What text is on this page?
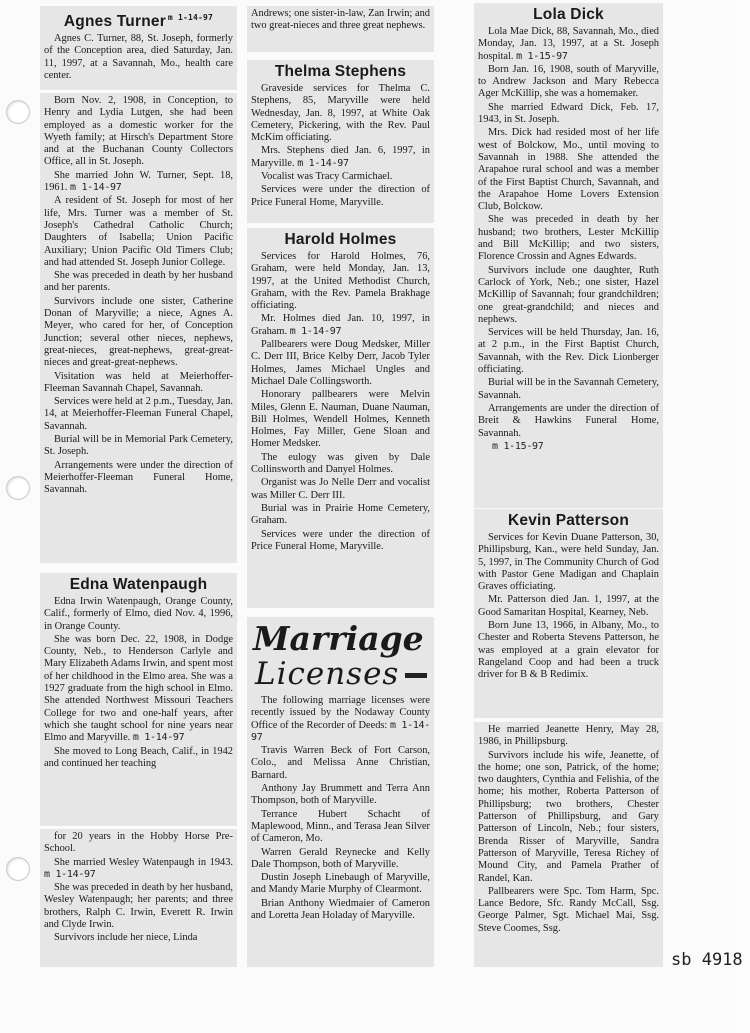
Agnes Turner $^{m 1-14-97}$

Agnes C. Turner, 88, St. Joseph, formerly of the Conception area, died Saturday, Jan. 11, 1997, at a Savannah, Mo., health care center.

Born Nov. 2, 1908, in Conception, to Henry and Lydia Lutgen, she had been employed as a domestic worker for the Wyeth family; at Hirsch's Department Store and at the Buchanan County Collectors Office, all in St. Joseph.

She married John W. Turner, Sept. 18, 1961. m 1-14-97

A resident of St. Joseph for most of her life, Mrs. Turner was a member of St. Joseph's Cathedral Catholic Church; Daughters of Isabella; Union Pacific Auxiliary; Union Pacific Old Timers Club; and had attended St. Joseph Junior College.

She was preceded in death by her husband and her parents.

Survivors include one sister, Catherine Donan of Maryville; a niece, Agnes A. Meyer, who cared for her, of Conception Junction; several other nieces, nephews, great-nieces, great-nephews, great-great-nieces and great-great-nephews.

Visitation was held at Meierhoffer-Fleeman Savannah Chapel, Savannah.

Services were held at 2 p.m., Tuesday, Jan. 14, at Meierhoffer-Fleeman Funeral Chapel, Savannah.

Burial will be in Memorial Park Cemetery, St. Joseph.

Arrangements were under the direction of Meierhoffer-Fleeman Funeral Home, Savannah.

Edna Watenpaugh

Edna Irwin Watenpaugh, Orange County, Calif., formerly of Elmo, died Nov. 4, 1996, in Orange County.

She was born Dec. 22, 1908, in Dodge County, Neb., to Henderson Carlyle and Mary Elizabeth Adams Irwin, and spent most of her childhood in the Elmo area. She was a 1927 graduate from the high school in Elmo. She attended Northwest Missouri Teachers College for two and one-half years, after which she taught school for nine years near Elmo and Maryville. m 1-14-97

She moved to Long Beach, Calif., in 1942 and continued her teaching

for 20 years in the Hobby Horse Pre-School.

She married Wesley Watenpaugh in 1943. m 1-14-97

She was preceded in death by her husband, Wesley Watenpaugh; her parents; and three brothers, Ralph C. Irwin, Everett R. Irwin and Clyde Irwin.

Survivors include her niece, Linda

Andrews; one sister-in-law, Zan Irwin; and two great-nieces and three great nephews.

Thelma Stephens

Graveside services for Thelma C. Stephens, 85, Maryville were held Wednesday, Jan. 8, 1997, at White Oak Cemetery, Pickering, with the Rev. Paul McKim officiating.

Mrs. Stephens died Jan. 6, 1997, in Maryville. m 1-14-97

Vocalist was Tracy Carmichael.

Services were under the direction of Price Funeral Home, Maryville.

Harold Holmes

Services for Harold Holmes, 76, Graham, were held Monday, Jan. 13, 1997, at the United Methodist Church, Graham, with the Rev. Pamela Brakhage officiating.

Mr. Holmes died Jan. 10, 1997, in Graham. m 1-14-97

Pallbearers were Doug Medsker, Miller C. Derr III, Brice Kelby Derr, Jacob Tyler Holmes, James Michael Ungles and Michael Dale Collingsworth.

Honorary pallbearers were Melvin Miles, Glenn E. Nauman, Duane Nauman, Bill Holmes, Wendell Holmes, Kenneth Holmes, Fay Miller, Gene Sloan and Homer Medsker.

The eulogy was given by Dale Collinsworth and Danyel Holmes.

Organist was Jo Nelle Derr and vocalist was Miller C. Derr III.

Burial was in Prairie Home Cemetery, Graham.

Services were under the direction of Price Funeral Home, Maryville.

Marriage
Licenses

The following marriage licenses were recently issued by the Nodaway County Office of the Recorder of Deeds: m 1-14-97

Travis Warren Beck of Fort Carson, Colo., and Melissa Anne Christian, Barnard.

Anthony Jay Brummett and Terra Ann Thompson, both of Maryville.

Terrance Hubert Schacht of Maplewood, Minn., and Terasa Jean Silver of Cameron, Mo.

Warren Gerald Reynecke and Kelly Dale Thompson, both of Maryville.

Dustin Joseph Linebaugh of Maryville, and Mandy Marie Murphy of Clearmont.

Brian Anthony Wiedmaier of Cameron and Loretta Jean Holaday of Maryville.

Lola Dick

Lola Mae Dick, 88, Savannah, Mo., died Monday, Jan. 13, 1997, at a St. Joseph hospital. m 1-15-97

Born Jan. 16, 1908, south of Maryville, to Andrew Jackson and Mary Rebecca Ager McKillip, she was a homemaker.

She married Edward Dick, Feb. 17, 1943, in St. Joseph.

Mrs. Dick had resided most of her life west of Bolckow, Mo., until moving to Savannah in 1988. She attended the Arapahoe rural school and was a member of the First Baptist Church, Savannah, and the Arapahoe Home Lovers Extension Club, Bolckow.

She was preceded in death by her husband; two brothers, Lester McKillip and Bill McKillip; and two sisters, Florence Crossin and Agnes Edwards.

Survivors include one daughter, Ruth Carlock of York, Neb.; one sister, Hazel McKillip of Savannah; four grandchildren; one great-grandchild; and nieces and nephews.

Services will be held Thursday, Jan. 16, at 2 p.m., in the First Baptist Church, Savannah, with the Rev. Dick Lionberger officiating.

Burial will be in the Savannah Cemetery, Savannah.

Arrangements are under the direction of Breit & Hawkins Funeral Home, Savannah.

m 1-15-97

Kevin Patterson

Services for Kevin Duane Patterson, 30, Phillipsburg, Kan., were held Sunday, Jan. 5, 1997, in The Community Church of God with Pastor Gene Madigan and Chaplain Graves officiating.

Mr. Patterson died Jan. 1, 1997, at the Good Samaritan Hospital, Kearney, Neb.

Born June 13, 1966, in Albany, Mo., to Chester and Roberta Stevens Patterson, he was employed at a grain elevator for Rangeland Coop and had been a truck driver for B & B Redimix.

He married Jeanette Henry, May 28, 1986, in Phillipsburg.

Survivors include his wife, Jeanette, of the home; one son, Patrick, of the home; two daughters, Cynthia and Felishia, of the home; his mother, Roberta Patterson of Phillipsburg; two brothers, Chester Patterson of Phillipsburg, and Gary Patterson of Lincoln, Neb.; four sisters, Brenda Risser of Maryville, Sandra Patterson of Maryville, Teresa Richey of Mound City, and Pamela Prather of Randel, Kan.

Pallbearers were Spc. Tom Harm, Spc. Lance Bedore, Sfc. Randy McCall, Ssg. George Palmer, Sgt. Michael Mai, Ssg. Steve Coomes, Ssg.

sb 4918
